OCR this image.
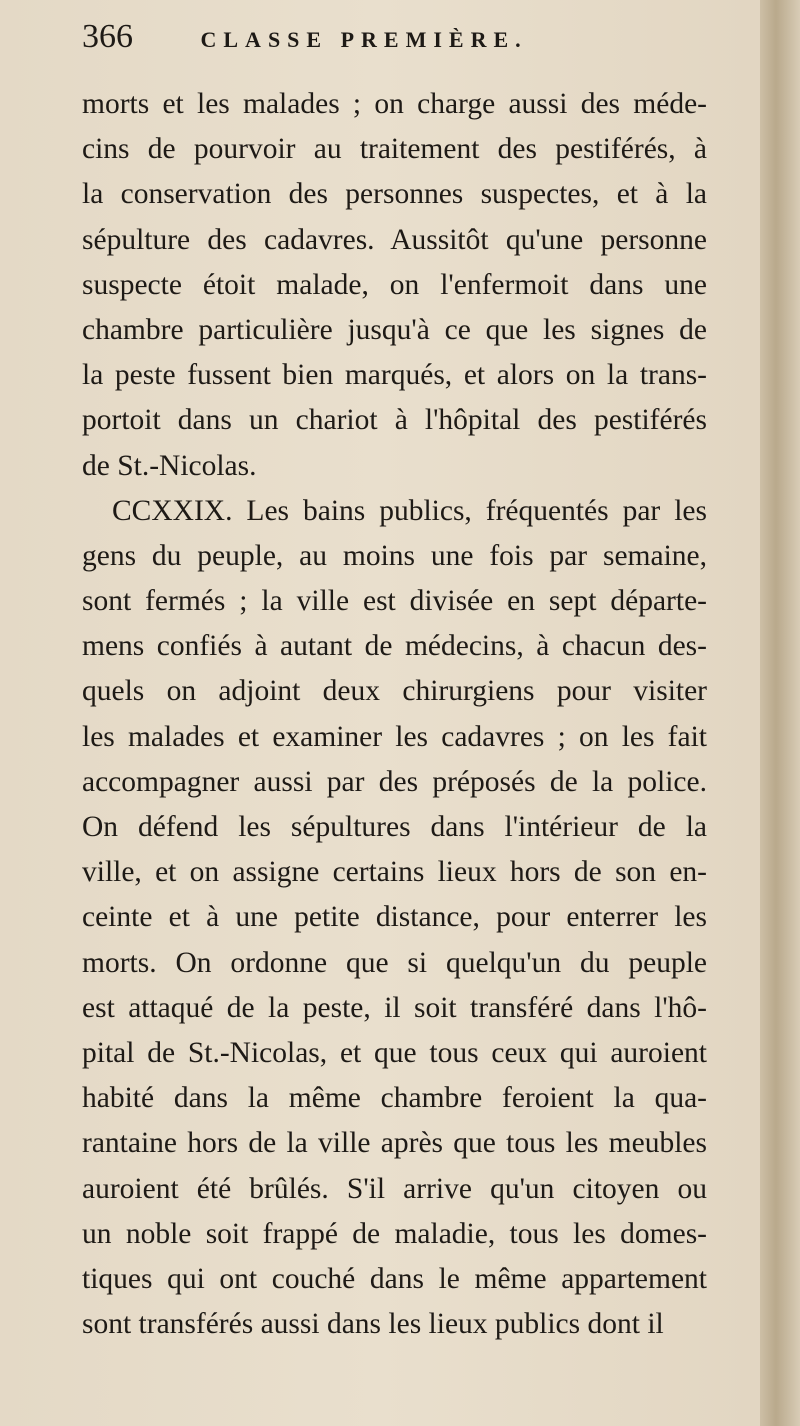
366	CLASSE PREMIÈRE.
morts et les malades ; on charge aussi des méde-
cins de pourvoir au traitement des pestiférés, à
la conservation des personnes suspectes, et à la
sépulture des cadavres. Aussitôt qu'une personne
suspecte étoit malade, on l'enfermoit dans une
chambre particulière jusqu'à ce que les signes de
la peste fussent bien marqués, et alors on la trans-
portoit dans un chariot à l'hôpital des pestiférés
de St.-Nicolas.
CCXXIX. Les bains publics, fréquentés par les
gens du peuple, au moins une fois par semaine,
sont fermés ; la ville est divisée en sept départe-
mens confiés à autant de médecins, à chacun des-
quels on adjoint deux chirurgiens pour visiter
les malades et examiner les cadavres ; on les fait
accompagner aussi par des préposés de la police.
On défend les sépultures dans l'intérieur de la
ville, et on assigne certains lieux hors de son en-
ceinte et à une petite distance, pour enterrer les
morts. On ordonne que si quelqu'un du peuple
est attaqué de la peste, il soit transféré dans l'hô-
pital de St.-Nicolas, et que tous ceux qui auroient
habité dans la même chambre feroient la qua-
rantaine hors de la ville après que tous les meubles
auroient été brûlés. S'il arrive qu'un citoyen ou
un noble soit frappé de maladie, tous les domes-
tiques qui ont couché dans le même appartement
sont transférés aussi dans les lieux publics dont il
